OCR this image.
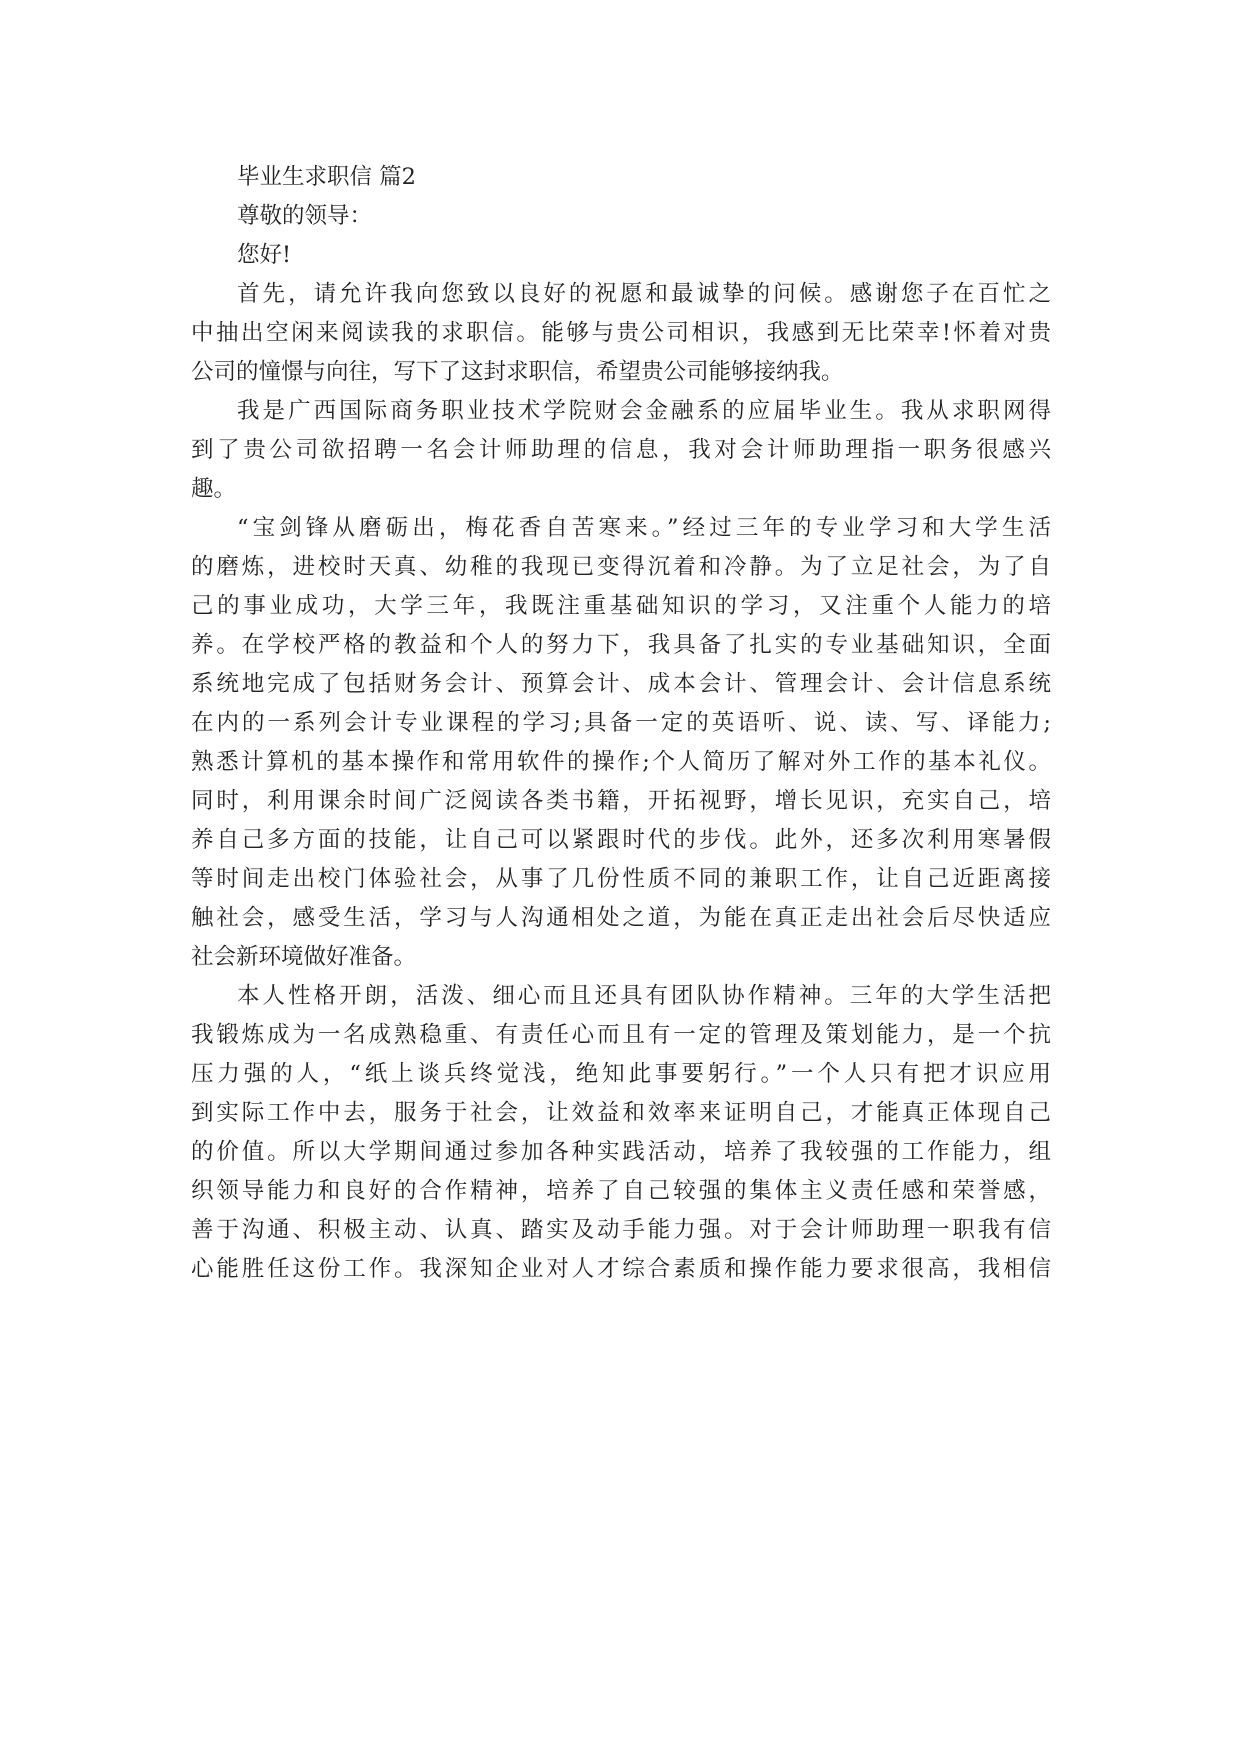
毕业生求职信 篇2
尊敬的领导：
您好!
首先，请允许我向您致以良好的祝愿和最诚挚的问候。感谢您子在百忙之
中抽出空闲来阅读我的求职信。能够与贵公司相识，我感到无比荣幸!怀着对贵
公司的憧憬与向往，写下了这封求职信，希望贵公司能够接纳我。
我是广西国际商务职业技术学院财会金融系的应届毕业生。我从求职网得
到了贵公司欲招聘一名会计师助理的信息，我对会计师助理指一职务很感兴
趣。
“宝剑锋从磨砺出，梅花香自苦寒来。”经过三年的专业学习和大学生活
的磨炼，进校时天真、幼稚的我现已变得沉着和冷静。为了立足社会，为了自
己的事业成功，大学三年，我既注重基础知识的学习，又注重个人能力的培
养。在学校严格的教益和个人的努力下，我具备了扎实的专业基础知识，全面
系统地完成了包括财务会计、预算会计、成本会计、管理会计、会计信息系统
在内的一系列会计专业课程的学习;具备一定的英语听、说、读、写、译能力;
熟悉计算机的基本操作和常用软件的操作;个人简历了解对外工作的基本礼仪。
同时，利用课余时间广泛阅读各类书籍，开拓视野，增长见识，充实自己，培
养自己多方面的技能，让自己可以紧跟时代的步伐。此外，还多次利用寒暑假
等时间走出校门体验社会，从事了几份性质不同的兼职工作，让自己近距离接
触社会，感受生活，学习与人沟通相处之道，为能在真正走出社会后尽快适应
社会新环境做好准备。
本人性格开朗，活泼、细心而且还具有团队协作精神。三年的大学生活把
我锻炼成为一名成熟稳重、有责任心而且有一定的管理及策划能力，是一个抗
压力强的人，“纸上谈兵终觉浅，绝知此事要躬行。”一个人只有把才识应用
到实际工作中去，服务于社会，让效益和效率来证明自己，才能真正体现自己
的价值。所以大学期间通过参加各种实践活动，培养了我较强的工作能力，组
织领导能力和良好的合作精神，培养了自己较强的集体主义责任感和荣誉感，
善于沟通、积极主动、认真、踏实及动手能力强。对于会计师助理一职我有信
心能胜任这份工作。我深知企业对人才综合素质和操作能力要求很高，我相信
